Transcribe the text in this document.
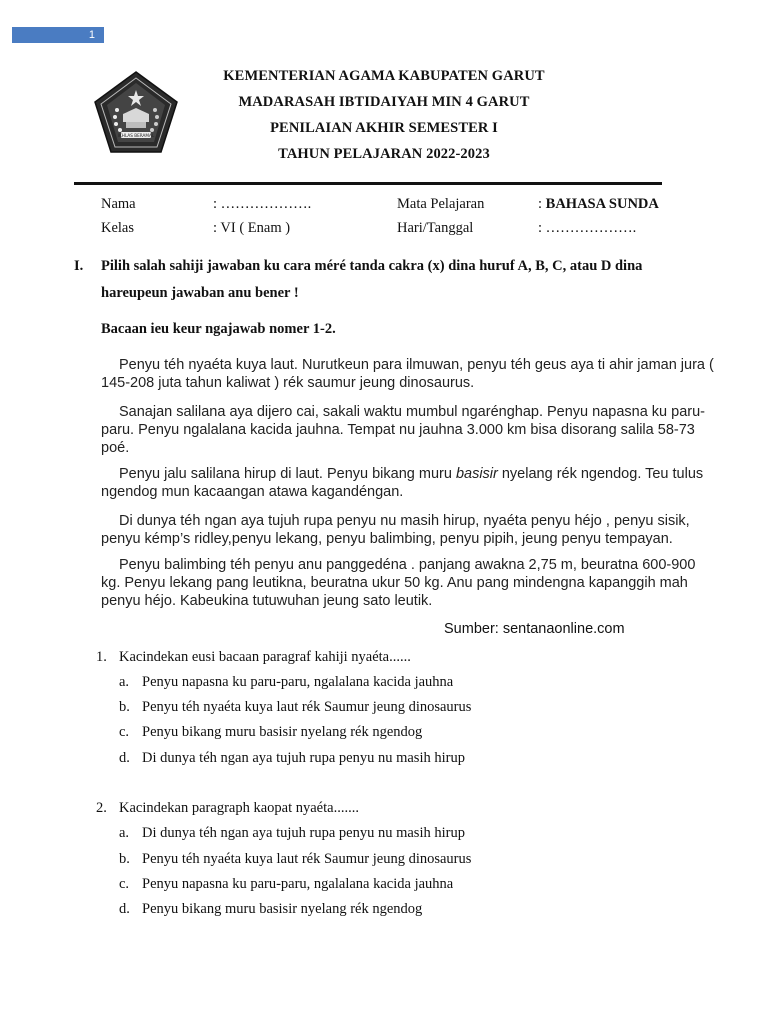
1
IKHLAS BERAMAL
KEMENTERIAN AGAMA KABUPATEN GARUT
MADARASAH IBTIDAIYAH MIN 4 GARUT
PENILAIAN AKHIR SEMESTER I
TAHUN PELAJARAN 2022-2023
Nama	: ……………….	Mata Pelajaran	: BAHASA SUNDA
Kelas	: VI ( Enam )	Hari/Tanggal	: ……………….
I. Pilih salah sahiji jawaban ku cara méré tanda cakra (x) dina huruf A, B, C, atau D dina
hareupeun jawaban anu bener !
Bacaan ieu keur ngajawab nomer 1-2.
Penyu téh nyaéta kuya laut. Nurutkeun para ilmuwan, penyu téh geus aya ti ahir jaman jura (
145-208 juta tahun kaliwat ) rék saumur jeung dinosaurus.
Sanajan salilana aya dijero cai, sakali waktu mumbul ngarénghap. Penyu napasna ku paru-
paru. Penyu ngalalana kacida jauhna. Tempat nu jauhna 3.000 km bisa disorang salila 58-73
poé.
Penyu jalu salilana hirup di laut. Penyu bikang muru basisir nyelang rék ngendog. Teu tulus
ngendog mun kacaangan atawa kagandéngan.
Di dunya téh ngan aya tujuh rupa penyu nu masih hirup, nyaéta penyu héjo , penyu sisik,
penyu kémp’s ridley,penyu lekang, penyu balimbing, penyu pipih, jeung penyu tempayan.
Penyu balimbing téh penyu anu panggedéna . panjang awakna 2,75 m, beuratna 600-900
kg. Penyu lekang pang leutikna, beuratna ukur 50 kg. Anu pang mindengna kapanggih mah
penyu héjo. Kabeukina tutuwuhan jeung sato leutik.
Sumber: sentanaonline.com
1. Kacindekan eusi bacaan paragraf kahiji nyaéta......
a. Penyu napasna ku paru-paru, ngalalana kacida jauhna
b. Penyu téh nyaéta kuya laut rék Saumur jeung dinosaurus
c. Penyu bikang muru basisir nyelang rék ngendog
d. Di dunya téh ngan aya tujuh rupa penyu nu masih hirup
2. Kacindekan paragraph kaopat nyaéta.......
a. Di dunya téh ngan aya tujuh rupa penyu nu masih hirup
b. Penyu téh nyaéta kuya laut rék Saumur jeung dinosaurus
c. Penyu napasna ku paru-paru, ngalalana kacida jauhna
d. Penyu bikang muru basisir nyelang rék ngendog
